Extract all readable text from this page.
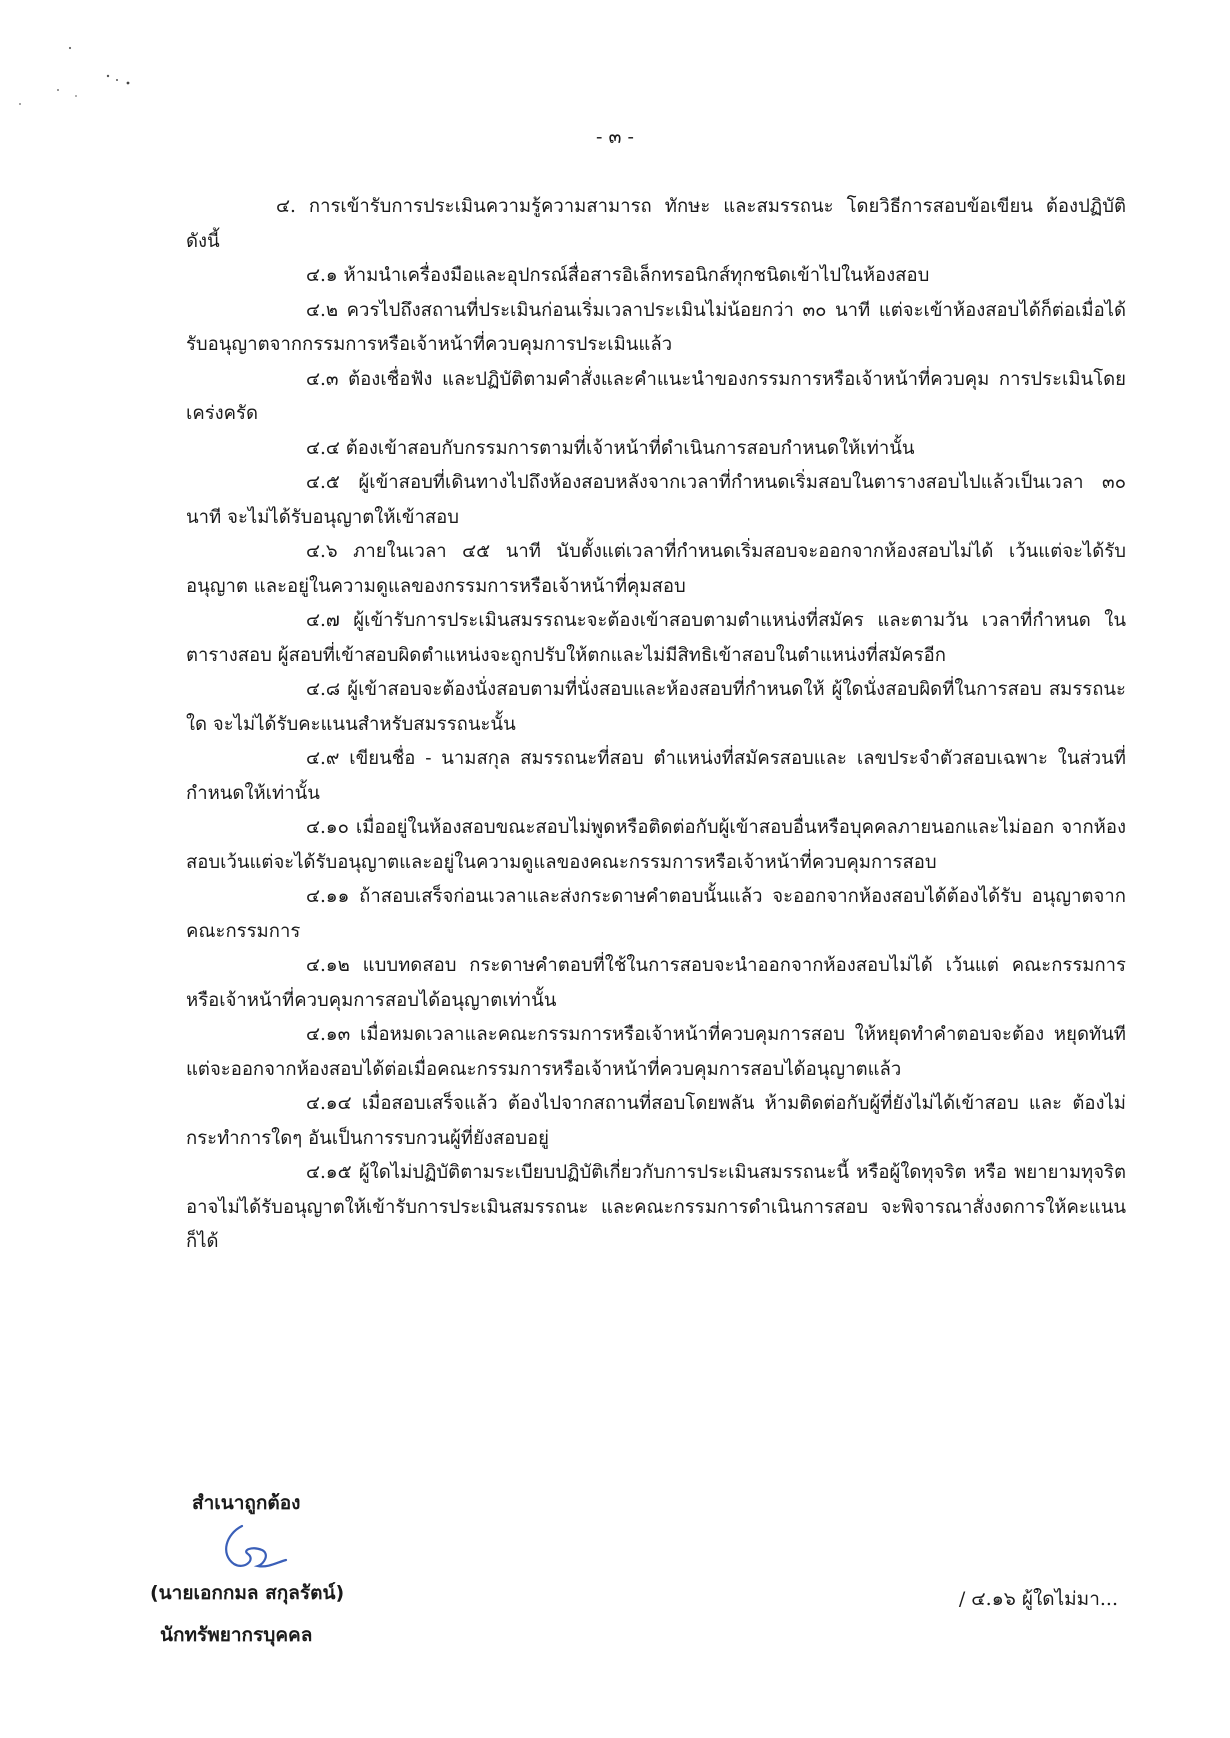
- ๓ -

๔. การเข้ารับการประเมินความรู้ความสามารถ ทักษะ และสมรรถนะ โดยวิธีการสอบข้อเขียน ต้องปฏิบัติ ดังนี้

๔.๑ ห้ามนำเครื่องมือและอุปกรณ์สื่อสารอิเล็กทรอนิกส์ทุกชนิดเข้าไปในห้องสอบ

๔.๒ ควรไปถึงสถานที่ประเมินก่อนเริ่มเวลาประเมินไม่น้อยกว่า ๓๐ นาที แต่จะเข้าห้องสอบได้ก็ต่อเมื่อได้รับอนุญาตจากกรรมการหรือเจ้าหน้าที่ควบคุมการประเมินแล้ว

๔.๓ ต้องเชื่อฟัง และปฏิบัติตามคำสั่งและคำแนะนำของกรรมการหรือเจ้าหน้าที่ควบคุม การประเมินโดยเคร่งครัด

๔.๔ ต้องเข้าสอบกับกรรมการตามที่เจ้าหน้าที่ดำเนินการสอบกำหนดให้เท่านั้น

๔.๕ ผู้เข้าสอบที่เดินทางไปถึงห้องสอบหลังจากเวลาที่กำหนดเริ่มสอบในตารางสอบไปแล้วเป็นเวลา ๓๐ นาที จะไม่ได้รับอนุญาตให้เข้าสอบ

๔.๖ ภายในเวลา ๔๕ นาที นับตั้งแต่เวลาที่กำหนดเริ่มสอบจะออกจากห้องสอบไม่ได้ เว้นแต่จะได้รับอนุญาต และอยู่ในความดูแลของกรรมการหรือเจ้าหน้าที่คุมสอบ

๔.๗ ผู้เข้ารับการประเมินสมรรถนะจะต้องเข้าสอบตามตำแหน่งที่สมัคร และตามวัน เวลาที่กำหนด ในตารางสอบ ผู้สอบที่เข้าสอบผิดตำแหน่งจะถูกปรับให้ตกและไม่มีสิทธิเข้าสอบในตำแหน่งที่สมัครอีก

๔.๘ ผู้เข้าสอบจะต้องนั่งสอบตามที่นั่งสอบและห้องสอบที่กำหนดให้ ผู้ใดนั่งสอบผิดที่ในการสอบ สมรรถนะใด จะไม่ได้รับคะแนนสำหรับสมรรถนะนั้น

๔.๙ เขียนชื่อ - นามสกุล สมรรถนะที่สอบ ตำแหน่งที่สมัครสอบและ เลขประจำตัวสอบเฉพาะ ในส่วนที่กำหนดให้เท่านั้น

๔.๑๐ เมื่ออยู่ในห้องสอบขณะสอบไม่พูดหรือติดต่อกับผู้เข้าสอบอื่นหรือบุคคลภายนอกและไม่ออก จากห้องสอบเว้นแต่จะได้รับอนุญาตและอยู่ในความดูแลของคณะกรรมการหรือเจ้าหน้าที่ควบคุมการสอบ

๔.๑๑ ถ้าสอบเสร็จก่อนเวลาและส่งกระดาษคำตอบนั้นแล้ว จะออกจากห้องสอบได้ต้องได้รับ อนุญาตจากคณะกรรมการ

๔.๑๒ แบบทดสอบ กระดาษคำตอบที่ใช้ในการสอบจะนำออกจากห้องสอบไม่ได้ เว้นแต่ คณะกรรมการหรือเจ้าหน้าที่ควบคุมการสอบได้อนุญาตเท่านั้น

๔.๑๓ เมื่อหมดเวลาและคณะกรรมการหรือเจ้าหน้าที่ควบคุมการสอบ ให้หยุดทำคำตอบจะต้อง หยุดทันที แต่จะออกจากห้องสอบได้ต่อเมื่อคณะกรรมการหรือเจ้าหน้าที่ควบคุมการสอบได้อนุญาตแล้ว

๔.๑๔ เมื่อสอบเสร็จแล้ว ต้องไปจากสถานที่สอบโดยพลัน ห้ามติดต่อกับผู้ที่ยังไม่ได้เข้าสอบ และ ต้องไม่กระทำการใดๆ อันเป็นการรบกวนผู้ที่ยังสอบอยู่

๔.๑๕ ผู้ใดไม่ปฏิบัติตามระเบียบปฏิบัติเกี่ยวกับการประเมินสมรรถนะนี้ หรือผู้ใดทุจริต หรือ พยายามทุจริตอาจไม่ได้รับอนุญาตให้เข้ารับการประเมินสมรรถนะ และคณะกรรมการดำเนินการสอบ จะพิจารณาสั่งงดการให้คะแนนก็ได้

สำเนาถูกต้อง
(นายเอกกมล สกุลรัตน์)
นักทรัพยากรบุคคล
/ ๔.๑๖ ผู้ใดไม่มา...
